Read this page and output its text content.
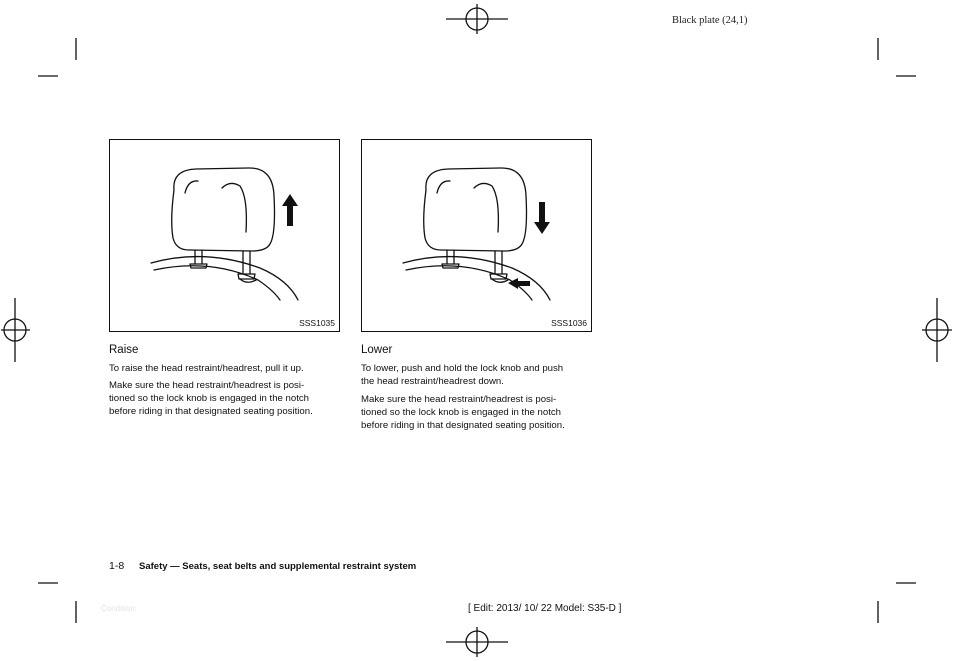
Black plate (24,1)
SSS1035	SSS1036
Raise
To raise the head restraint/headrest, pull it up.
Make sure the head restraint/headrest is posi-
tioned so the lock knob is engaged in the notch
before riding in that designated seating position.
Lower
To lower, push and hold the lock knob and push
the head restraint/headrest down.
Make sure the head restraint/headrest is posi-
tioned so the lock knob is engaged in the notch
before riding in that designated seating position.
1-8 Safety — Seats, seat belts and supplemental restraint system
Condition:	[ Edit: 2013/ 10/ 22 Model: S35-D ]
